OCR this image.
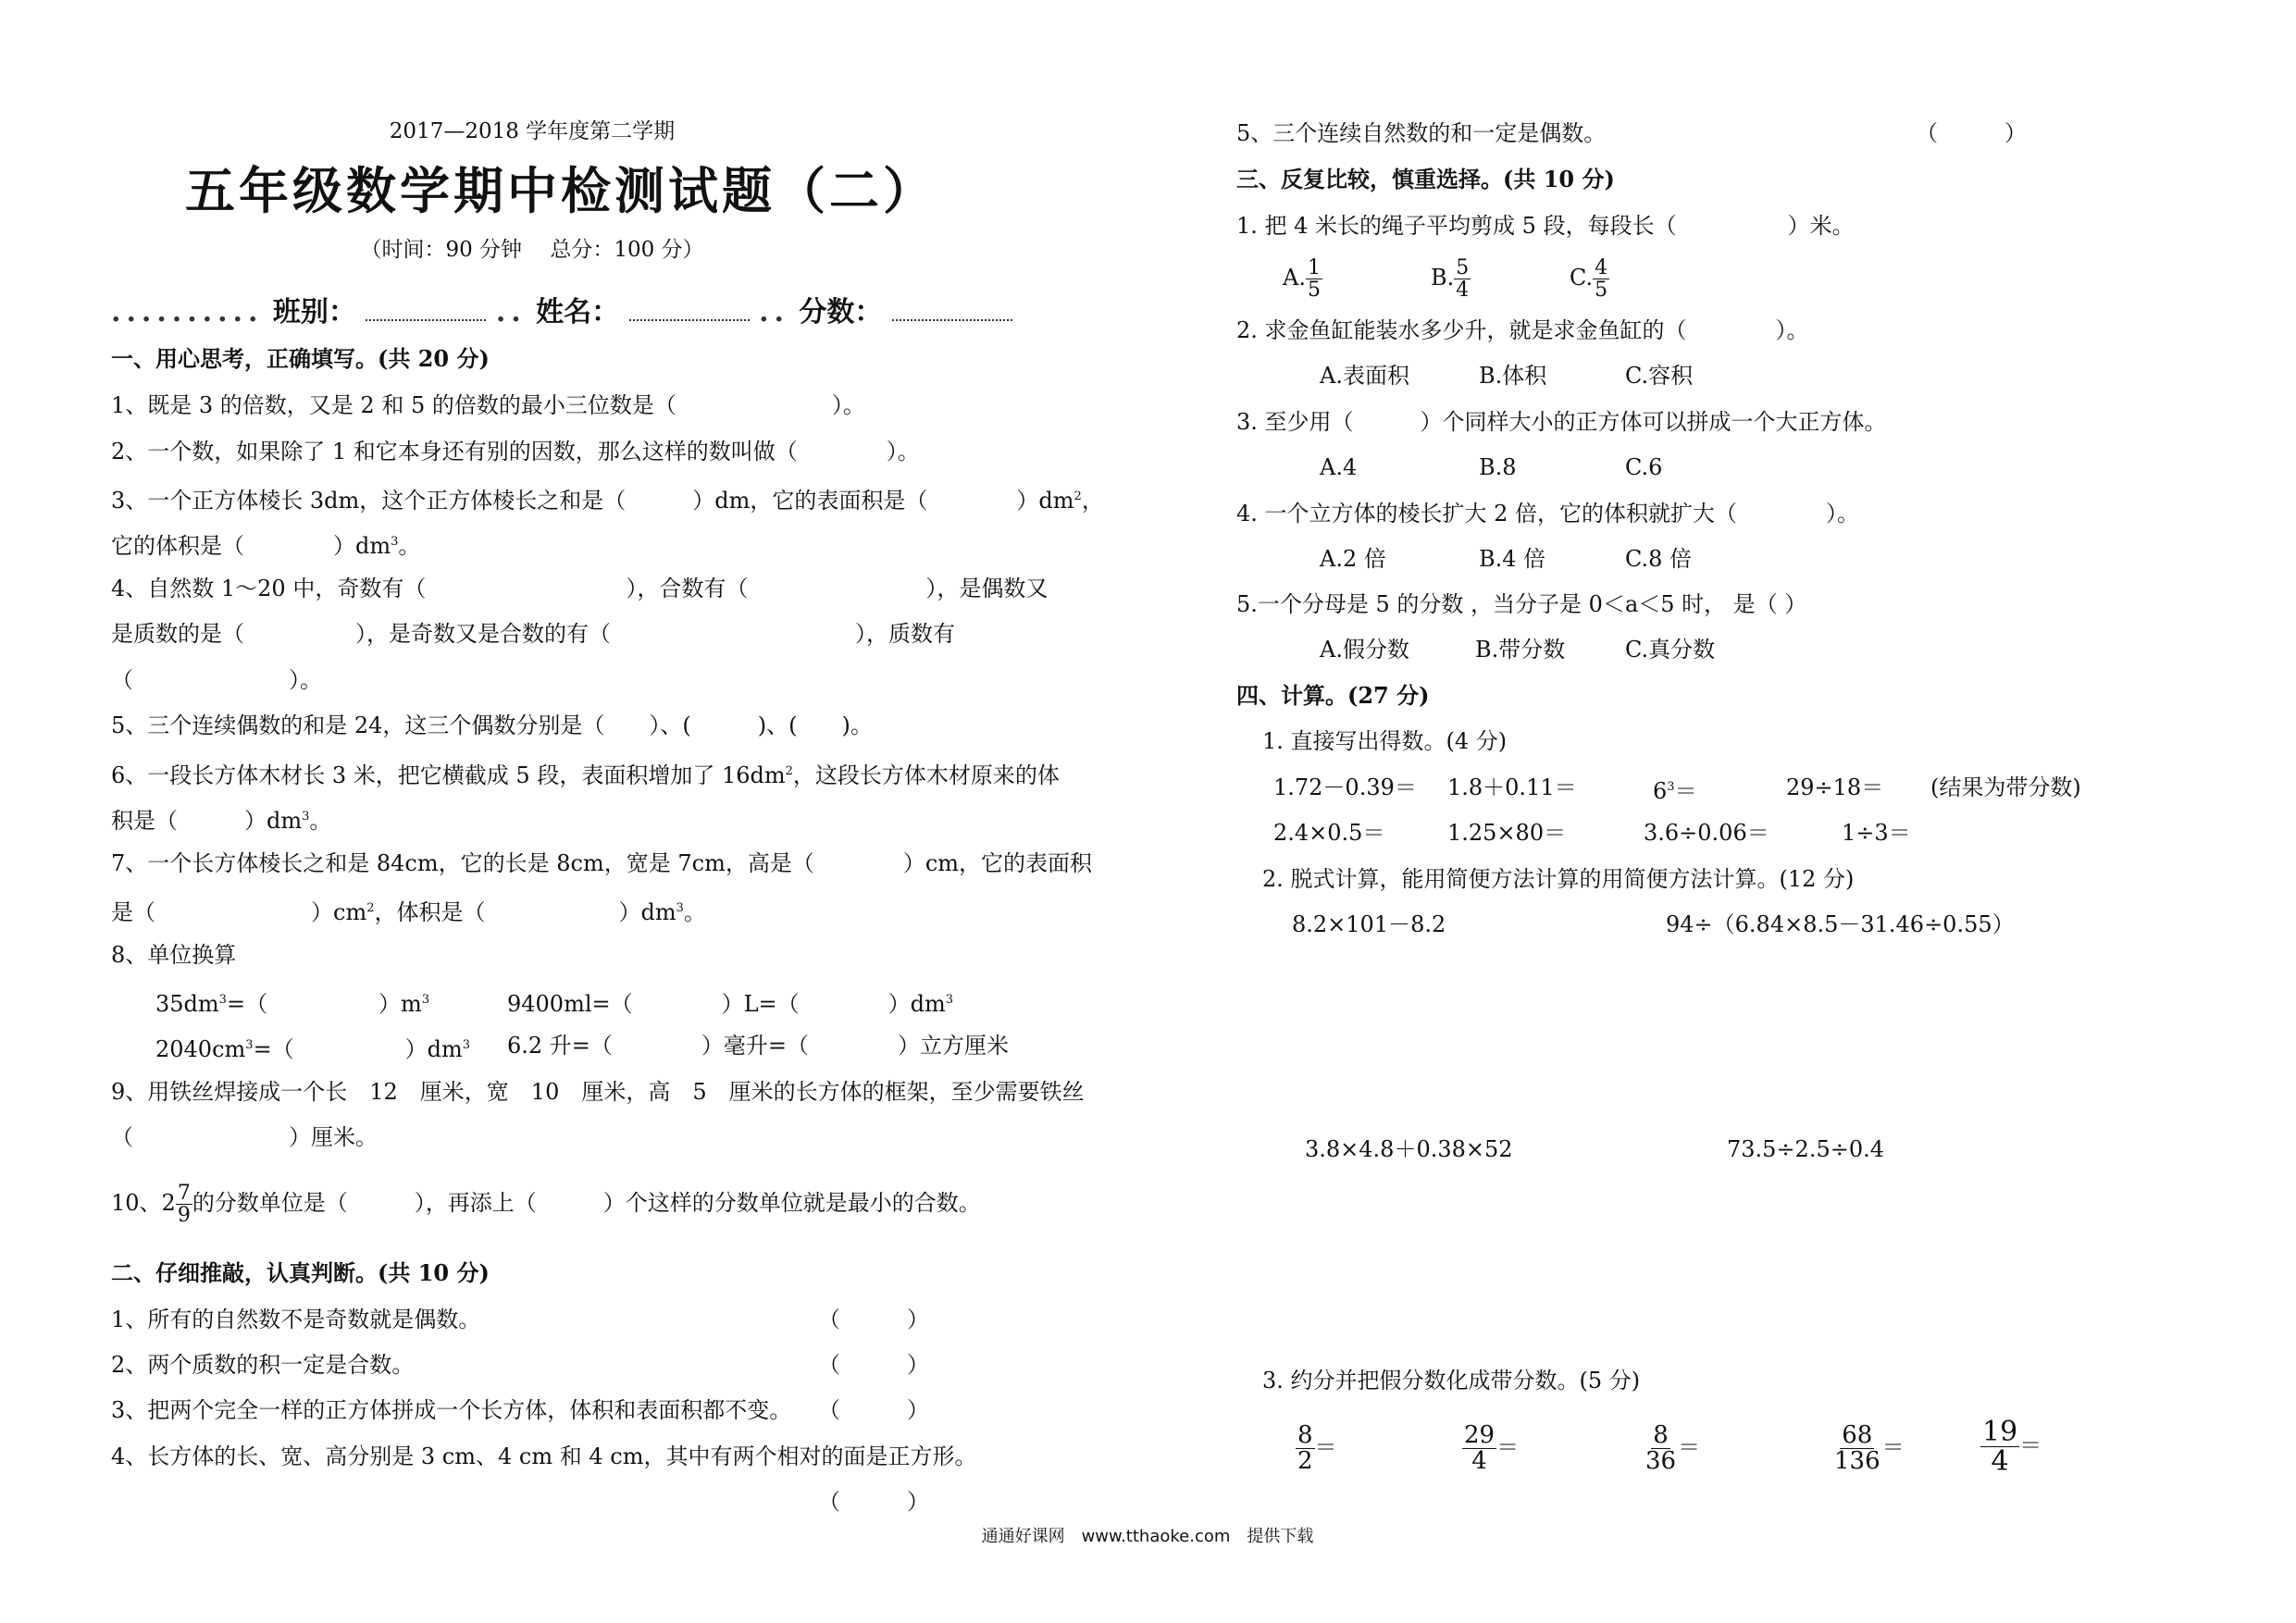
2017—2018 学年度第二学期
五年级数学期中检测试题（二）
（时间：90 分钟 　总分：100 分）
.......... 班别：	.. 姓名：	.. 分数：
一、用心思考，正确填写。(共 20 分)
1、既是 3 的倍数，又是 2 和 5 的倍数的最小三位数是（　　　　　　　）。
2、一个数，如果除了 1 和它本身还有别的因数，那么这样的数叫做（　　　　）。
3、一个正方体棱长 3dm，这个正方体棱长之和是（　　　）dm，它的表面积是（　　　　）$dm^2$，
它的体积是（　　　　）$dm^3$。
4、自然数 1～20 中，奇数有（　　　　　　　　　），合数有（　　　　　　　　），是偶数又
是质数的是（　　　　　），是奇数又是合数的有（　　　　　　　　　　　），质数有
（　　　　　　　）。
5、三个连续偶数的和是 24，这三个偶数分别是（　　）、(　　　)、(　　)。
6、一段长方体木材长 3 米，把它横截成 5 段，表面积增加了 $16dm^2$，这段长方体木材原来的体
积是（　　　）$dm^3$。
7、一个长方体棱长之和是 84cm，它的长是 8cm，宽是 7cm，高是（　　　　）cm，它的表面积
是（　　　　　　　）$cm^2$，体积是（　　　　　　）$dm^3$。
8、单位换算
$35dm^3=$（　　　　　）$m^3$	9400ml=（　　　　）L=（　　　　）$dm^3$
$2040cm^3=$（　　　　　）$dm^3$ 6.2 升=（　　　　）毫升=（　　　　）立方厘米
9、用铁丝焊接成一个长　12　厘米，宽　10　厘米，高　5　厘米的长方体的框架，至少需要铁丝
（　　　　　　　）厘米。
10、$2 \frac{7}{9}$ 的分数单位是（　　　），再添上（　　　）个这样的分数单位就是最小的合数。
二、仔细推敲，认真判断。(共 10 分)
1、所有的自然数不是奇数就是偶数。	（　　　）
2、两个质数的积一定是合数。	（　　　）
3、把两个完全一样的正方体拼成一个长方体，体积和表面积都不变。 （　　　）
4、长方体的长、宽、高分别是 3 cm、4 cm 和 4 cm，其中有两个相对的面是正方形。
（　　　）
5、三个连续自然数的和一定是偶数。	（　　　）
三、反复比较，慎重选择。(共 10 分)
1. 把 4 米长的绳子平均剪成 5 段，每段长（　　　　　）米。
A. $\frac{1}{5}$	B. $\frac{5}{4}$	C. $\frac{4}{5}$
2. 求金鱼缸能装水多少升，就是求金鱼缸的（　　　　）。
A.表面积	B.体积	C.容积
3. 至少用（　　　）个同样大小的正方体可以拼成一个大正方体。
A.4	B.8	C.6
4. 一个立方体的棱长扩大 2 倍，它的体积就扩大（　　　　）。
A.2 倍	B.4 倍	C.8 倍
5.一个分母是 5 的分数 ，当分子是 0＜a＜5 时， 是（ ）
A.假分数	B.带分数	C.真分数
四、计算。(27 分)
1. 直接写出得数。(4 分)
1.72－0.39＝ 1.8＋0.11＝	$6^3=$	29÷18＝ (结果为带分数)
2.4×0.5＝	1.25×80＝	3.6÷0.06＝	1÷3＝
2. 脱式计算，能用简便方法计算的用简便方法计算。(12 分)
8.2×101－8.2	94÷（6.84×8.5－31.46÷0.55）
3.8×4.8＋0.38×52	73.5÷2.5÷0.4
3. 约分并把假分数化成带分数。(5 分)
$\frac{8}{2}$ ＝	$\frac{29}{4}$ ＝	$\frac{8}{36}$ ＝	$\frac{68}{136}$ ＝	$\frac{19}{4}$ ＝
通通好课网　www.tthaoke.com　提供下载
